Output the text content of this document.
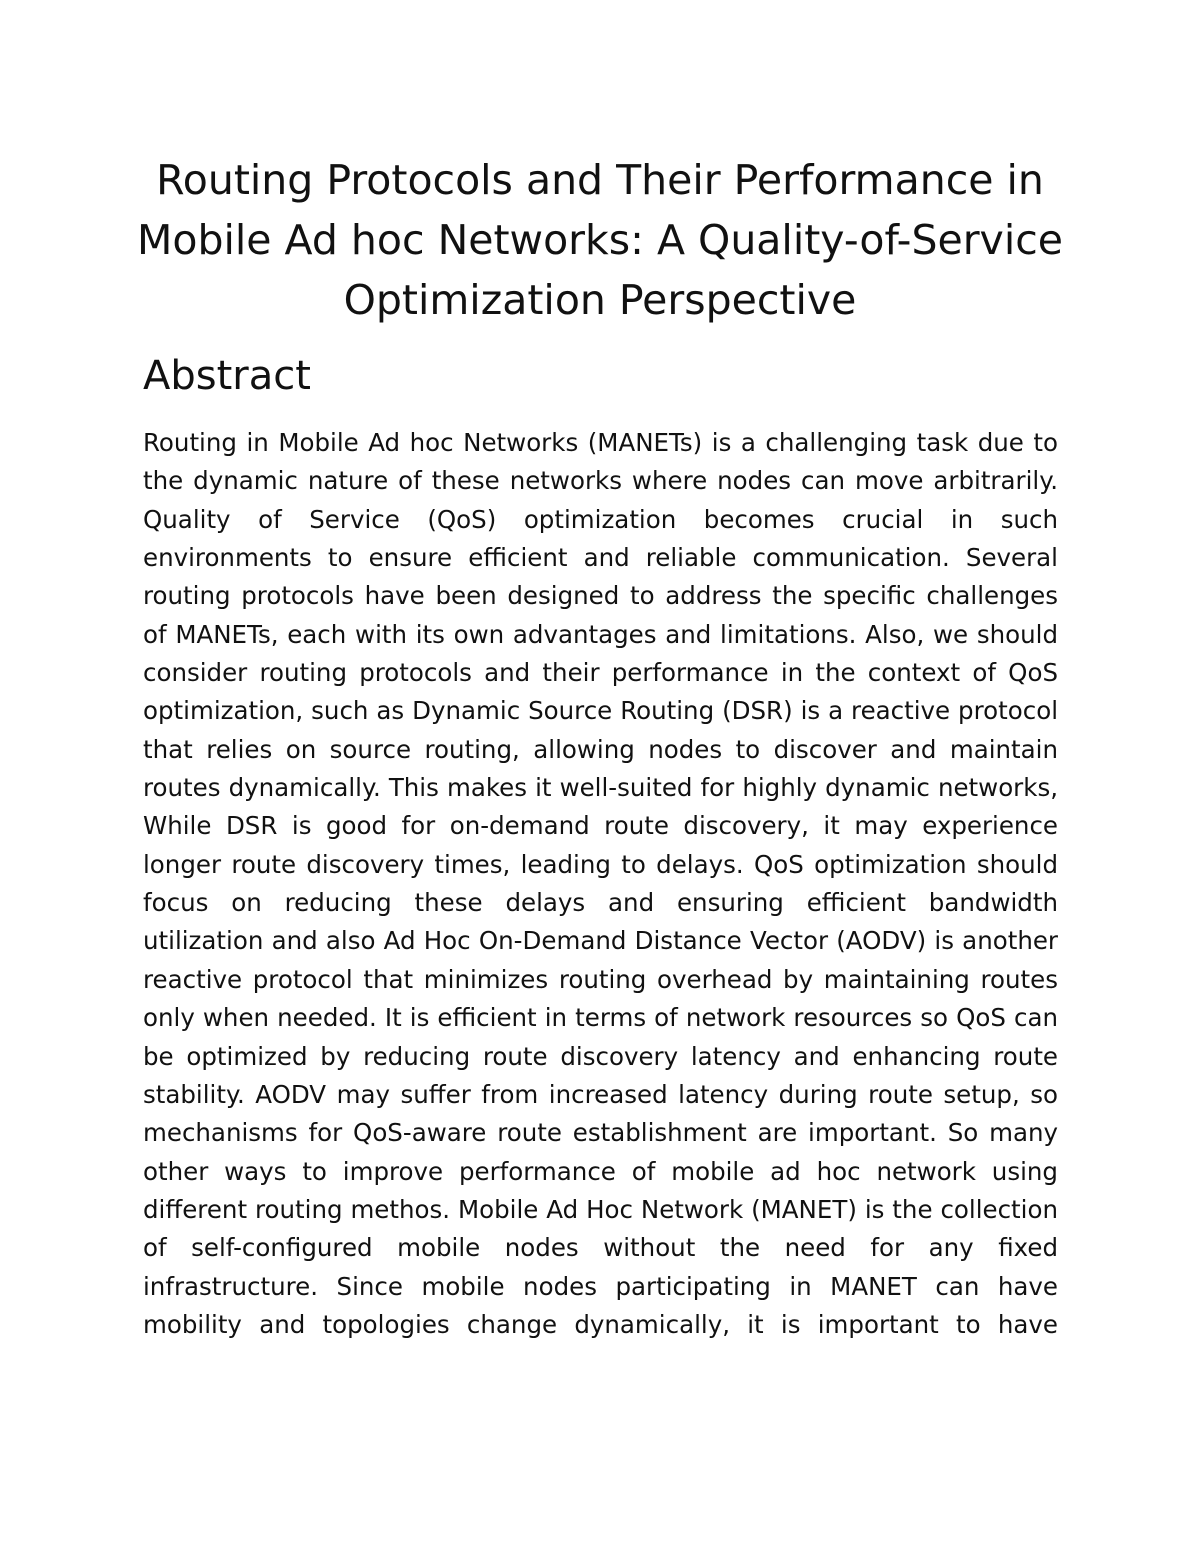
Routing Protocols and Their Performance in Mobile Ad hoc Networks: A Quality-of-Service Optimization Perspective
Abstract

Routing in Mobile Ad hoc Networks (MANETs) is a challenging task due to the dynamic nature of these networks where nodes can move arbitrarily. Quality of Service (QoS) optimization becomes crucial in such environments to ensure efficient and reliable communication. Several routing protocols have been designed to address the specific challenges of MANETs, each with its own advantages and limitations. Also, we should consider routing protocols and their performance in the context of QoS optimization, such as Dynamic Source Routing (DSR) is a reactive protocol that relies on source routing, allowing nodes to discover and maintain routes dynamically. This makes it well-suited for highly dynamic networks, While DSR is good for on-demand route discovery, it may experience longer route discovery times, leading to delays. QoS optimization should focus on reducing these delays and ensuring efficient bandwidth utilization and also Ad Hoc On-Demand Distance Vector (AODV) is another reactive protocol that minimizes routing overhead by maintaining routes only when needed. It is efficient in terms of network resources so QoS can be optimized by reducing route discovery latency and enhancing route stability. AODV may suffer from increased latency during route setup, so mechanisms for QoS-aware route establishment are important. So many other ways to improve performance of mobile ad hoc network using different routing methos. Mobile Ad Hoc Network (MANET) is the collection of self-configured mobile nodes without the need for any fixed infrastructure. Since mobile nodes participating in MANET can have mobility and topologies change dynamically, it is important to have
